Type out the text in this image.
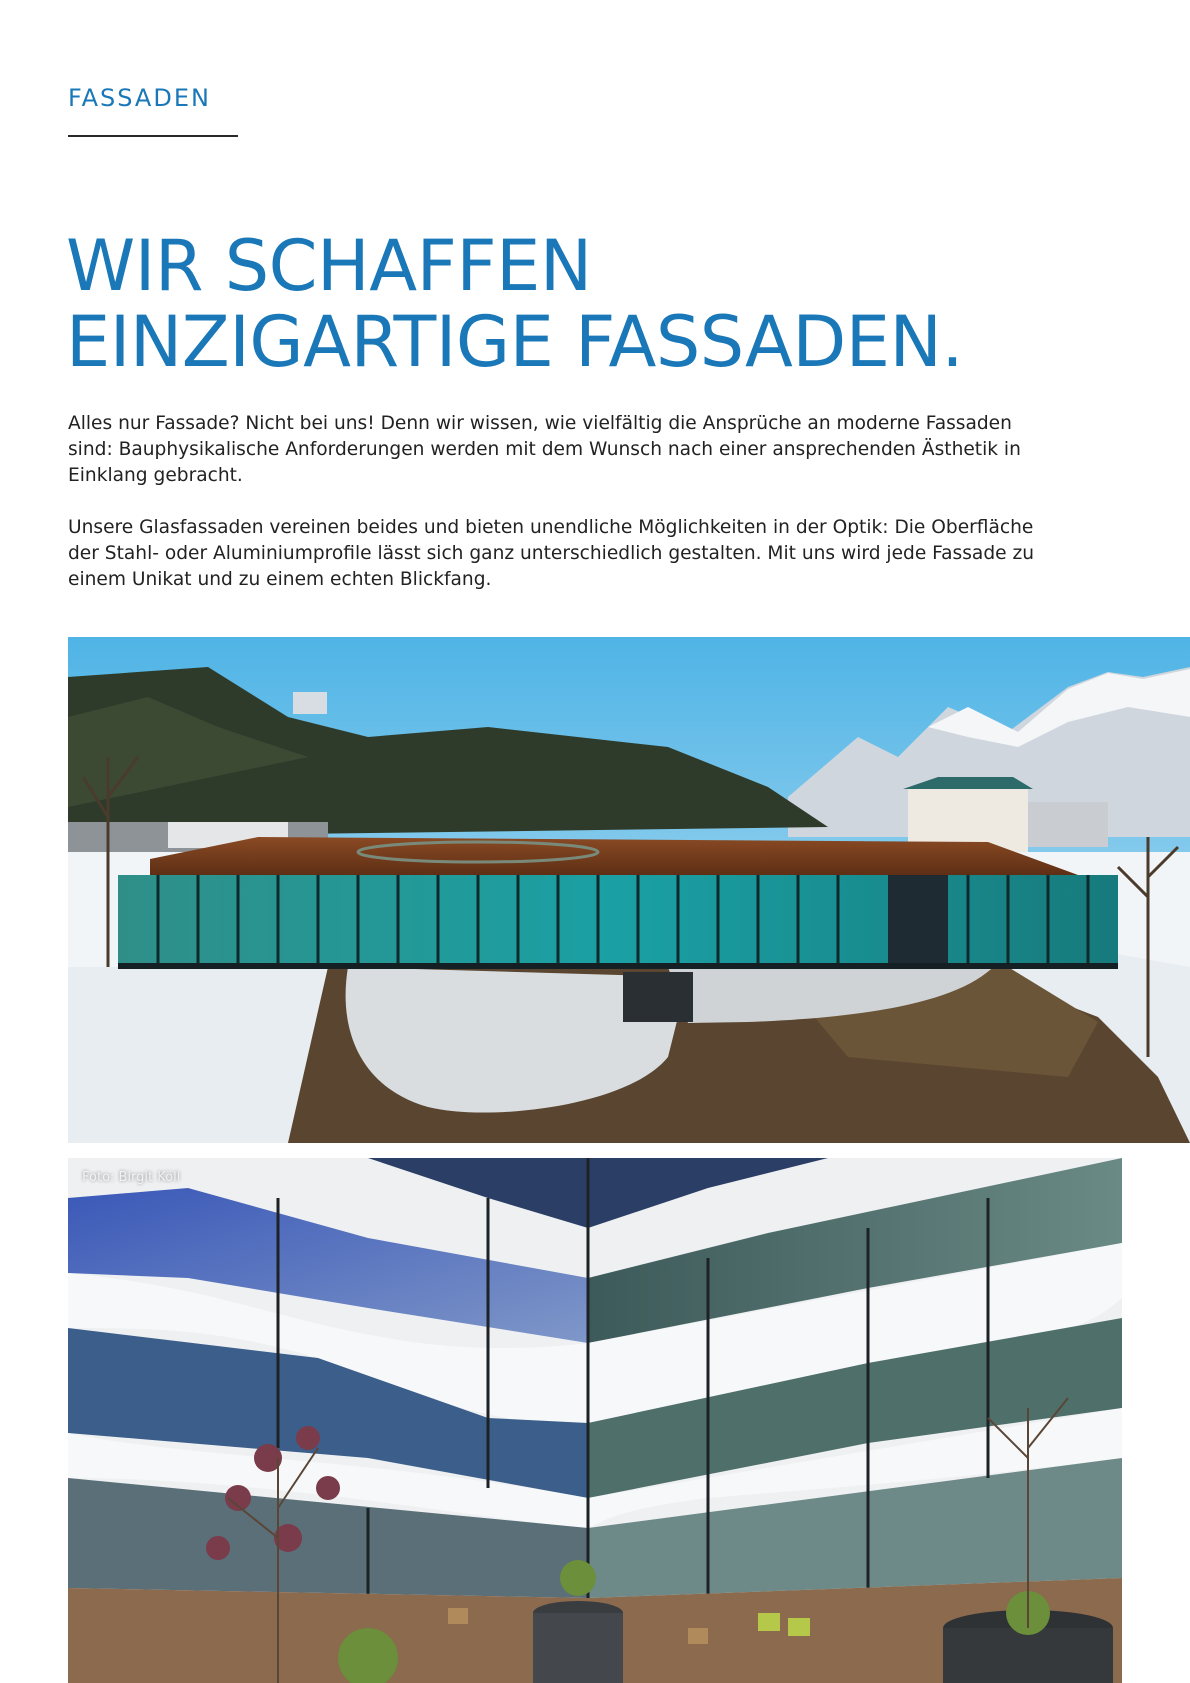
FASSADEN

WIR SCHAFFEN
EINZIGARTIGE FASSADEN.

Alles nur Fassade? Nicht bei uns! Denn wir wissen, wie vielfältig die Ansprüche an moderne Fassaden sind: Bauphysikalische Anforderungen werden mit dem Wunsch nach einer ansprechenden Ästhetik in Einklang gebracht.

Unsere Glasfassaden vereinen beides und bieten unendliche Möglichkeiten in der Optik: Die Oberfläche der Stahl- oder Aluminiumprofile lässt sich ganz unterschiedlich gestalten. Mit uns wird jede Fassade zu einem Unikat und zu einem echten Blickfang.

Foto: Birgit Köll
